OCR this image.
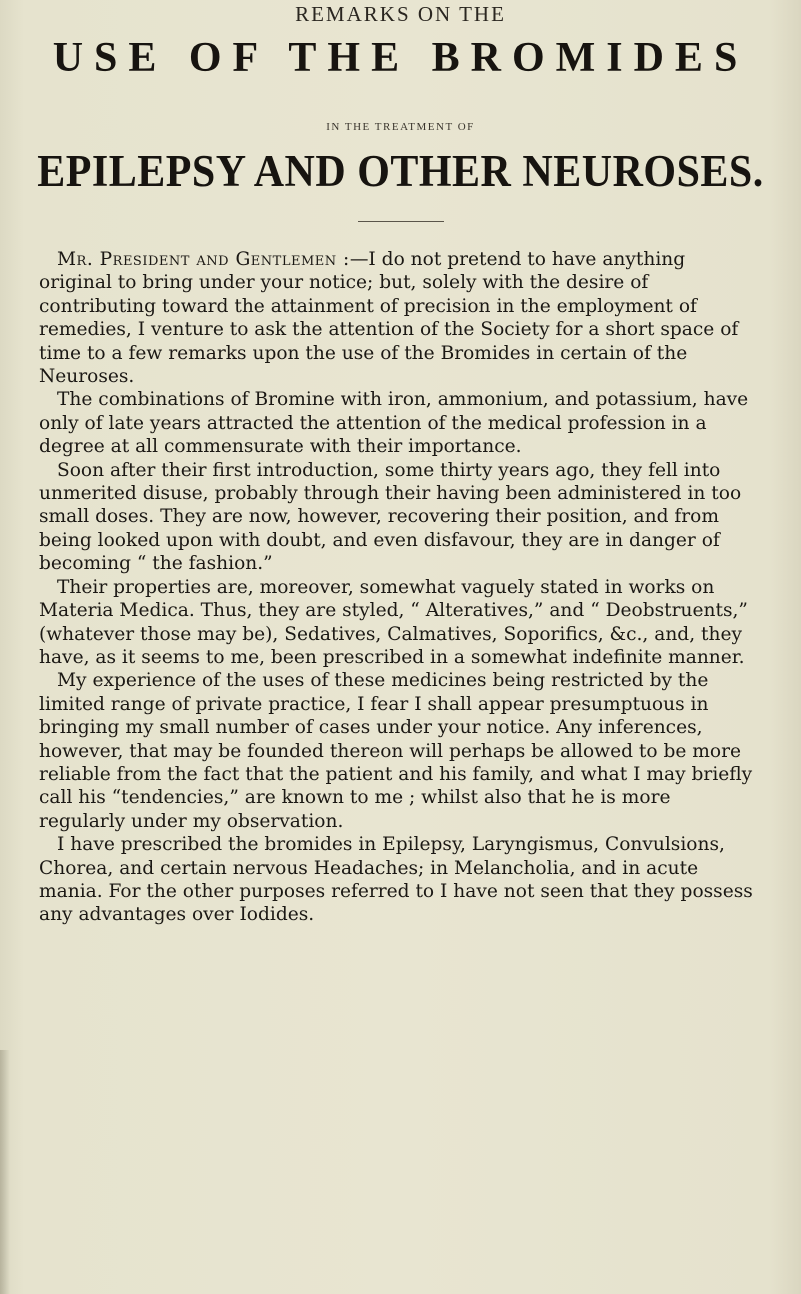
REMARKS ON THE
USE OF THE BROMIDES
IN THE TREATMENT OF
EPILEPSY AND OTHER NEUROSES.

Mr. President and Gentlemen :—I do not pretend to have anything original to bring under your notice; but, solely with the desire of contributing toward the attainment of precision in the employment of remedies, I venture to ask the attention of the Society for a short space of time to a few remarks upon the use of the Bromides in certain of the Neuroses.

The combinations of Bromine with iron, ammonium, and potassium, have only of late years attracted the attention of the medical profession in a degree at all commensurate with their importance.

Soon after their first introduction, some thirty years ago, they fell into unmerited disuse, probably through their having been administered in too small doses. They are now, however, recovering their position, and from being looked upon with doubt, and even disfavour, they are in danger of becoming “ the fashion.”

Their properties are, moreover, somewhat vaguely stated in works on Materia Medica. Thus, they are styled, “ Alteratives,” and “ Deobstruents,” (whatever those may be), Sedatives, Calmatives, Soporifics, &c., and, they have, as it seems to me, been prescribed in a somewhat indefinite manner.

My experience of the uses of these medicines being restricted by the limited range of private practice, I fear I shall appear presumptuous in bringing my small number of cases under your notice. Any inferences, however, that may be founded thereon will perhaps be allowed to be more reliable from the fact that the patient and his family, and what I may briefly call his “tendencies,” are known to me ; whilst also that he is more regularly under my observation.

I have prescribed the bromides in Epilepsy, Laryngismus, Convulsions, Chorea, and certain nervous Headaches; in Melancholia, and in acute mania. For the other purposes referred to I have not seen that they possess any advantages over Iodides.
